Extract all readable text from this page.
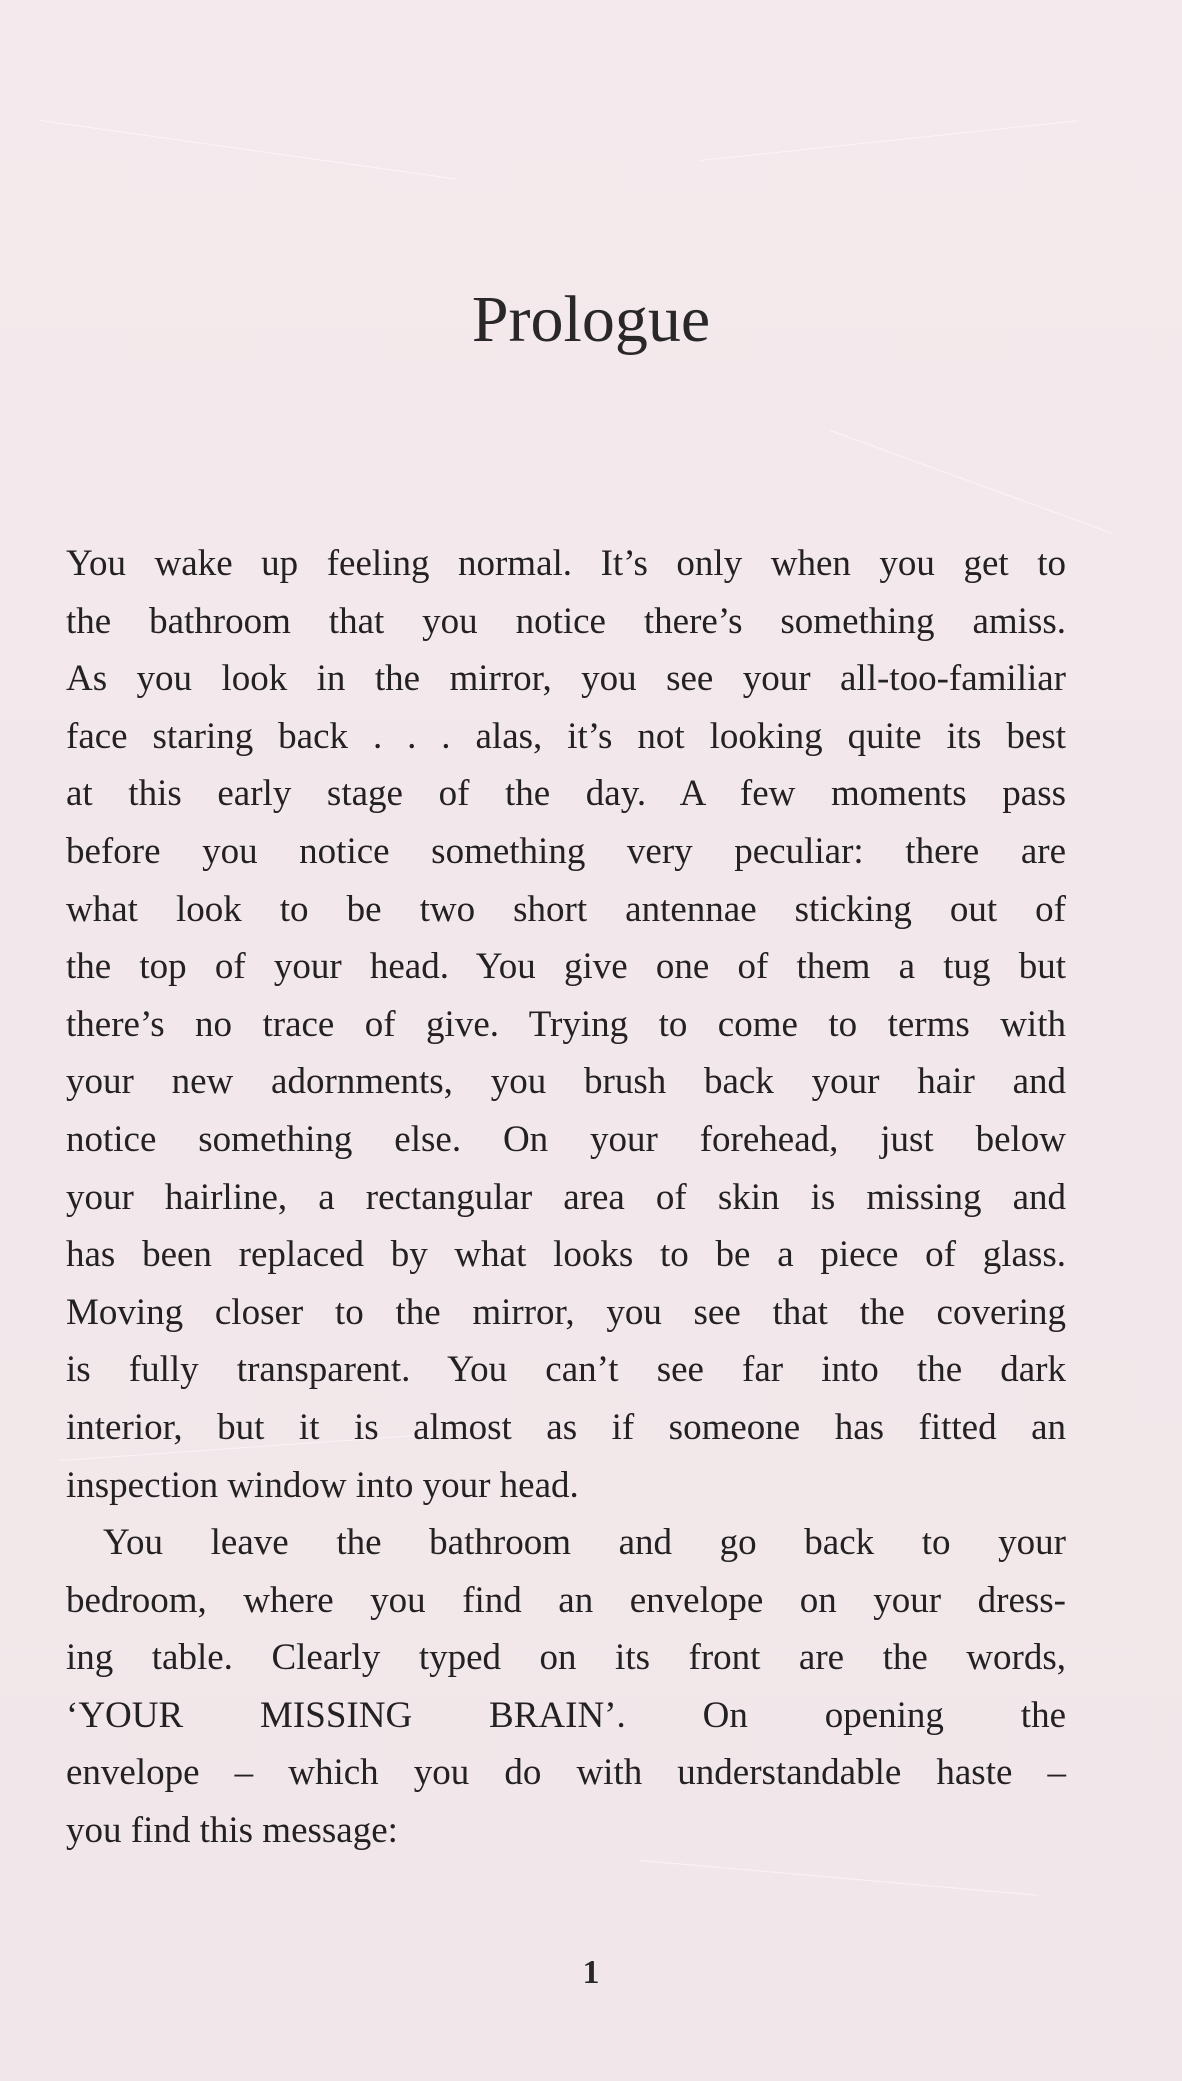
Prologue
You wake up feeling normal. It’s only when you get to
the bathroom that you notice there’s something amiss.
As you look in the mirror, you see your all-too-familiar
face staring back . . . alas, it’s not looking quite its best
at this early stage of the day. A few moments pass
before you notice something very peculiar: there are
what look to be two short antennae sticking out of
the top of your head. You give one of them a tug but
there’s no trace of give. Trying to come to terms with
your new adornments, you brush back your hair and
notice something else. On your forehead, just below
your hairline, a rectangular area of skin is missing and
has been replaced by what looks to be a piece of glass.
Moving closer to the mirror, you see that the covering
is fully transparent. You can’t see far into the dark
interior, but it is almost as if someone has fitted an
inspection window into your head.
You leave the bathroom and go back to your
bedroom, where you find an envelope on your dress-
ing table. Clearly typed on its front are the words,
‘YOUR MISSING BRAIN’. On opening the
envelope – which you do with understandable haste –
you find this message:
1
